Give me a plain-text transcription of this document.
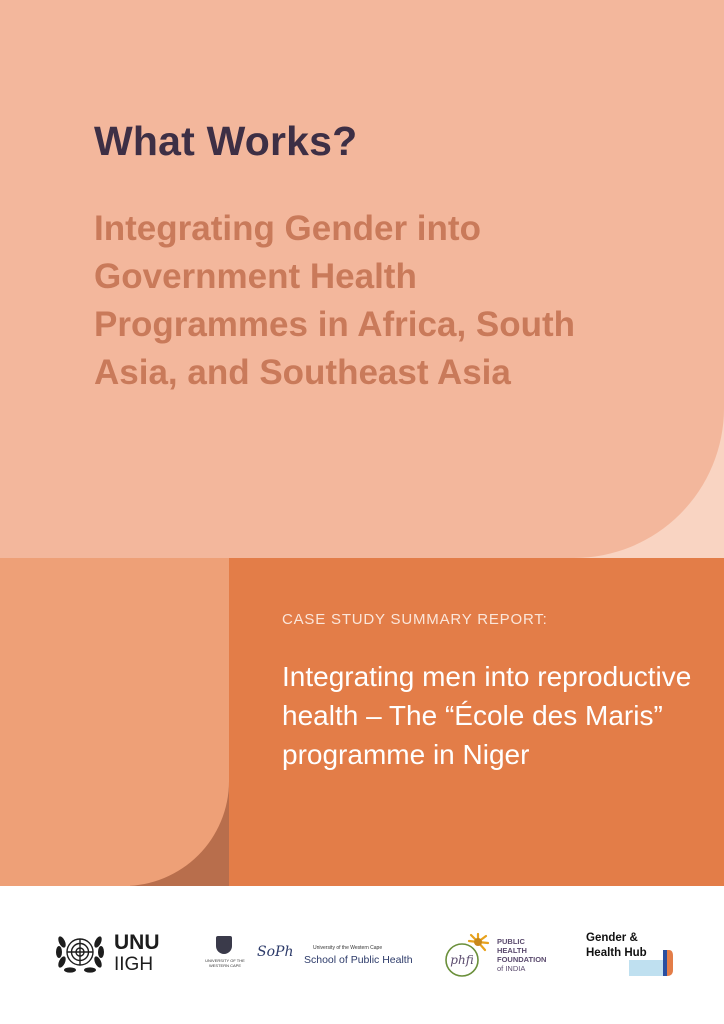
What Works?
Integrating Gender into Government Health Programmes in Africa, South Asia, and Southeast Asia

CASE STUDY SUMMARY REPORT:

Integrating men into reproductive health – The “École des Maris” programme in Niger
UNU
IIGH	UNIVERSITY OF THE WESTERN CAPE
SoPh	University of the Western Cape
School of Public Health	phfi
PUBLIC
HEALTH
FOUNDATION
of INDIA
Gender &
Health Hub
